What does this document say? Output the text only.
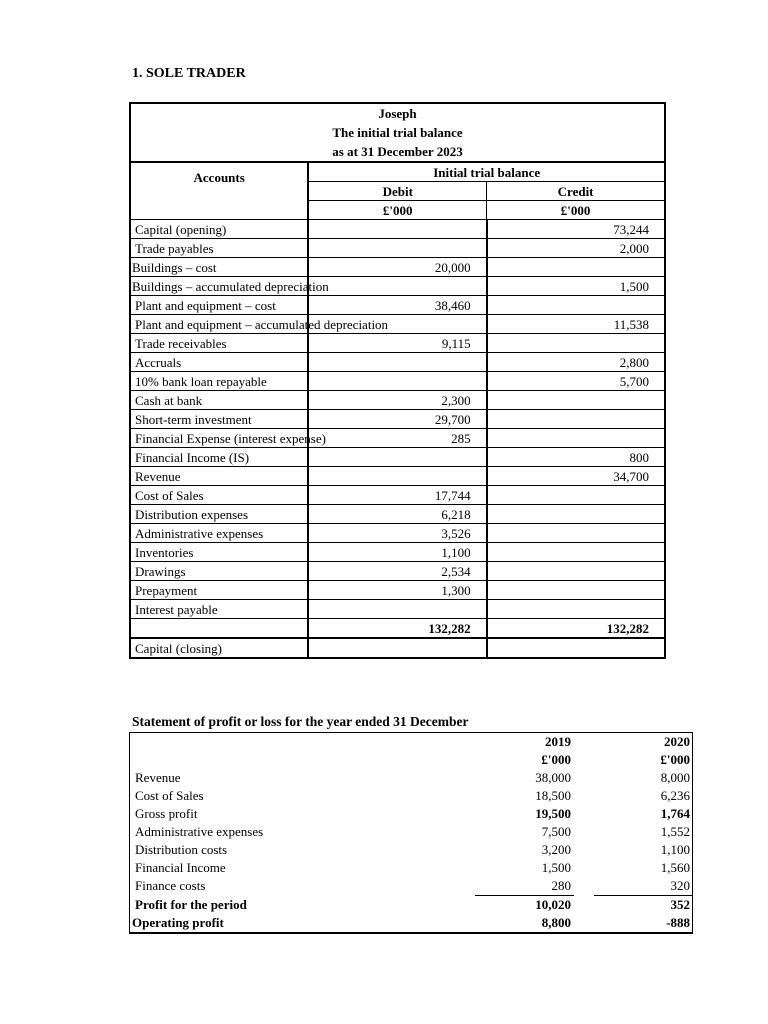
1. SOLE TRADER
Joseph
The initial trial balance
as at 31 December 2023		

Accounts	Initial trial balance	
	Debit	Credit
	£'000	£'000
Capital (opening)		73,244
Trade payables		2,000
Buildings – cost	20,000	
Buildings – accumulated depreciation		1,500
Plant and equipment – cost	38,460	
Plant and equipment – accumulated depreciation		11,538
Trade receivables	9,115	
Accruals		2,800
10% bank loan repayable		5,700
Cash at bank	2,300	
Short-term investment	29,700	
Financial Expense (interest expense)	285	
Financial Income (IS)		800
Revenue		34,700
Cost of Sales	17,744	
Distribution expenses	6,218	
Administrative expenses	3,526	
Inventories	1,100	
Drawings	2,534	
Prepayment	1,300	
Interest payable		
	132,282	132,282
Capital (closing)		
Statement of profit or loss for the year ended 31 December
	2019		2020
	£'000		£'000
Revenue	38,000		8,000
Cost of Sales	18,500		6,236
Gross profit	19,500		1,764
Administrative expenses	7,500		1,552
Distribution costs	3,200		1,100
Financial Income	1,500		1,560
Finance costs	280		320
Profit for the period	10,020		352
Operating profit	8,800		-888
